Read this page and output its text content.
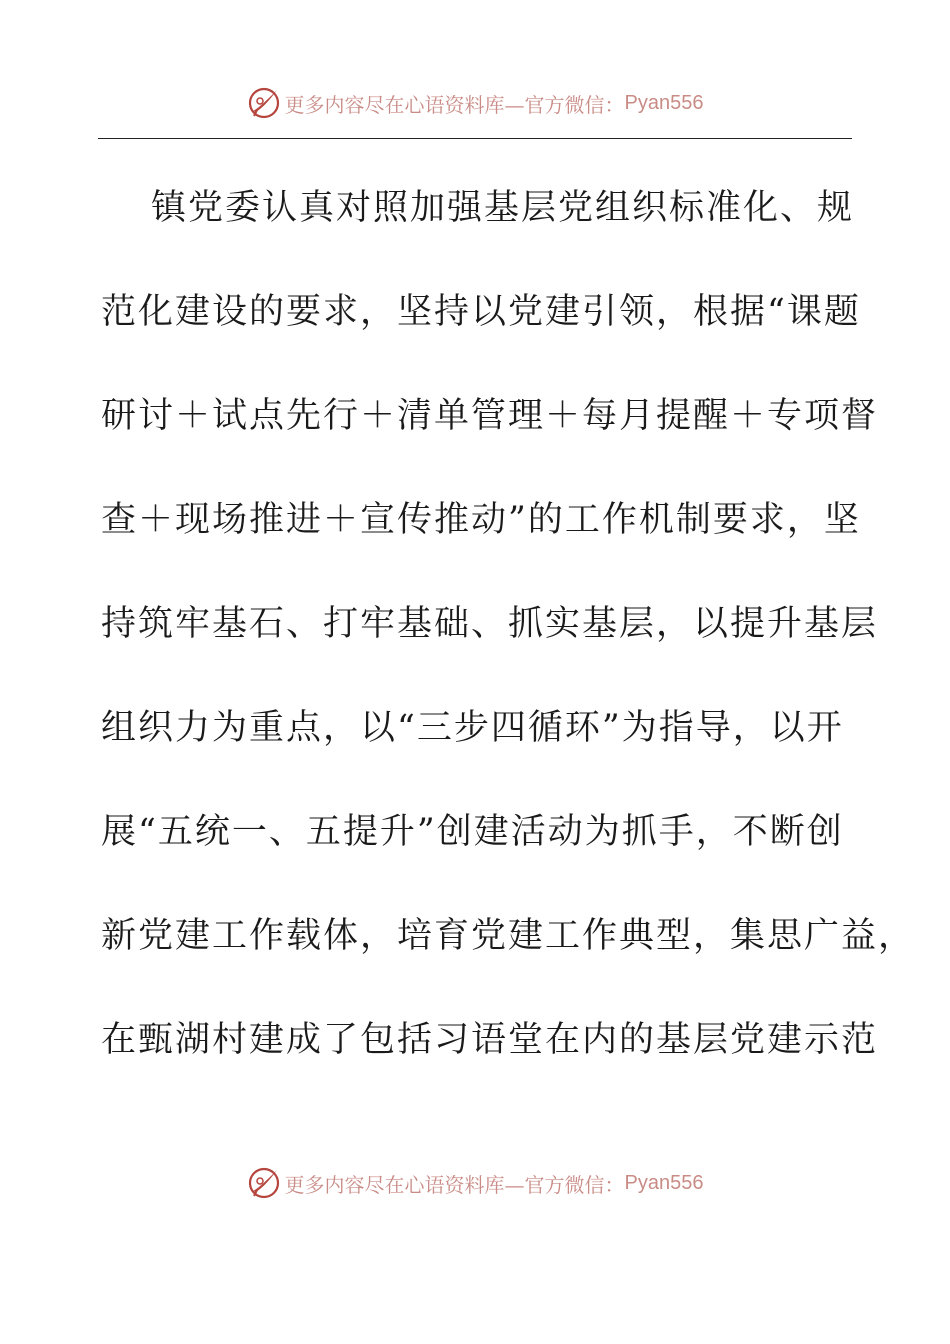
更多内容尽在心语资料库—官方微信： Pyan556
镇党委认真对照加强基层党组织标准化、规
范化建设的要求，坚持以党建引领，根据“课题
研讨＋试点先行＋清单管理＋每月提醒＋专项督
查＋现场推进＋宣传推动”的工作机制要求，坚
持筑牢基石、打牢基础、抓实基层，以提升基层
组织力为重点，以“三步四循环”为指导，以开
展“五统一、五提升”创建活动为抓手，不断创
新党建工作载体，培育党建工作典型，集思广益，
在甄湖村建成了包括习语堂在内的基层党建示范
更多内容尽在心语资料库—官方微信： Pyan556
